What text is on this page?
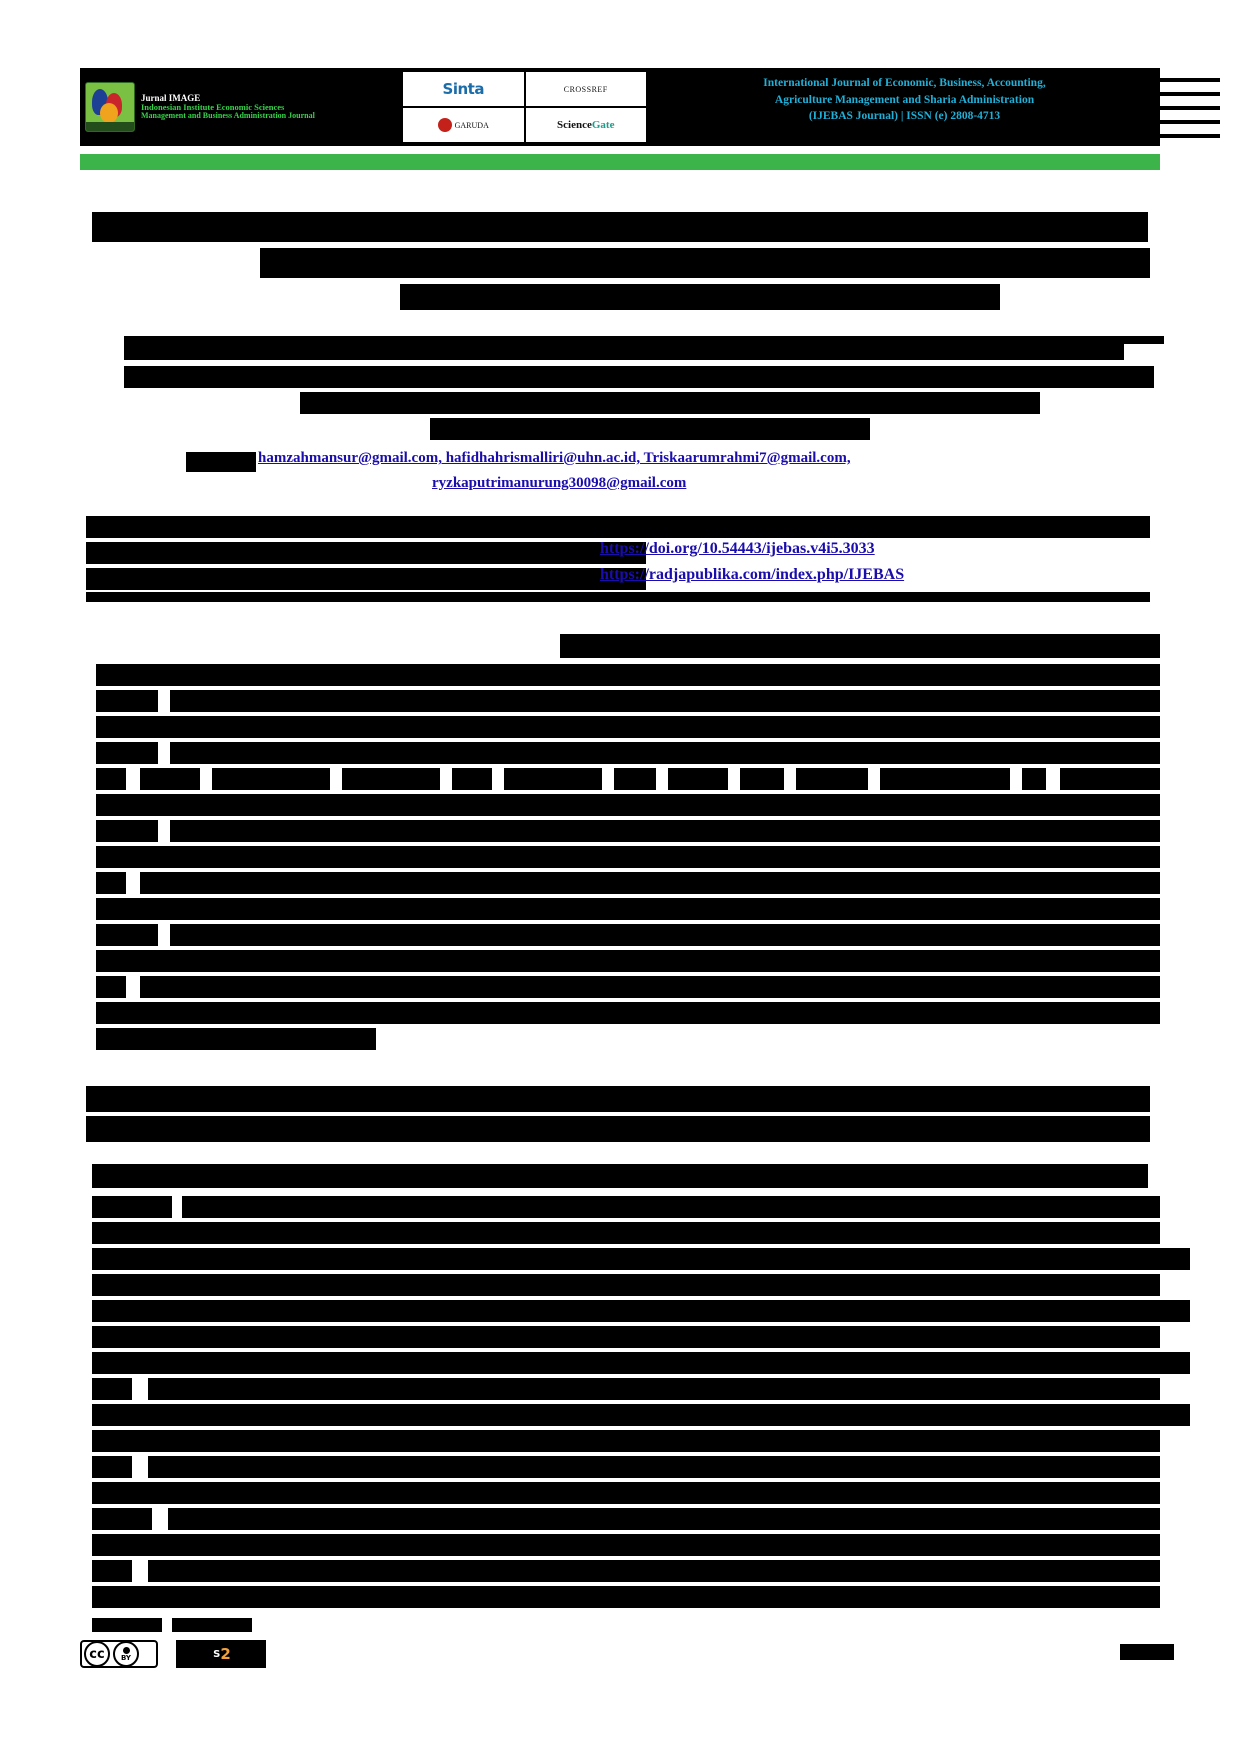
Jurnal IMAGE
Indonesian Institute Economic Sciences
Management and Business Administration Journal
Sinta	CROSSREF
GARUDA	Science Gate
International Journal of Economic, Business, Accounting,
Agriculture Management and Sharia Administration
(IJEBAS Journal) | ISSN (e) 2808-4713
hamzahmansur@gmail.com, hafidhahrismalliri@uhn.ac.id, Triskaarumrahmi7@gmail.com,
ryzkaputrimanurung30098@gmail.com
https://doi.org/10.54443/ijebas.v4i5.3033
https://radjapublika.com/index.php/IJEBAS
cc	BY	S 2
